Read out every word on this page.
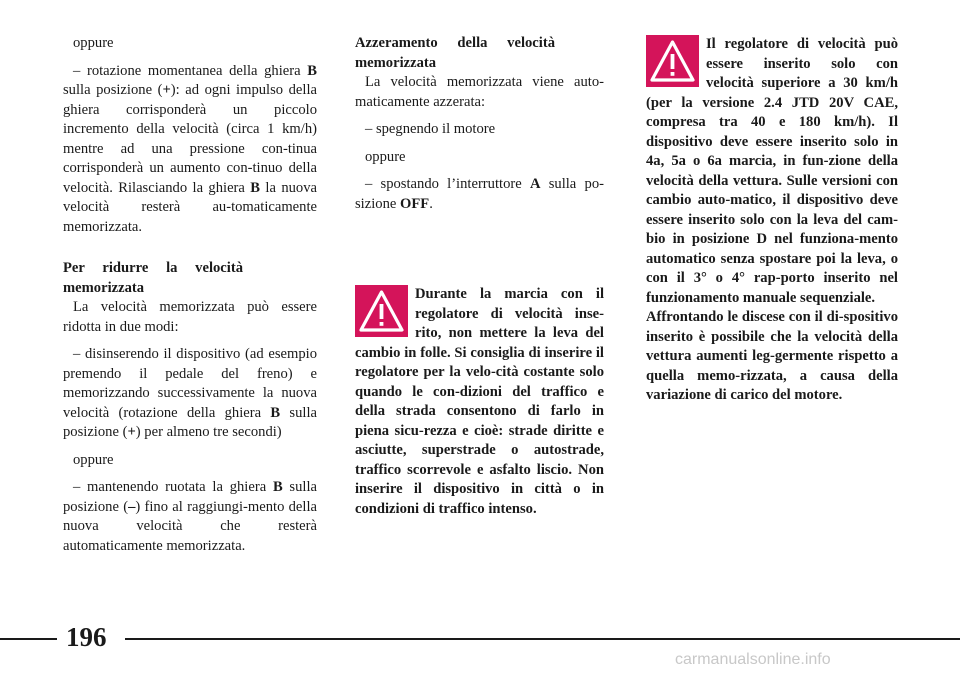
oppure

– rotazione momentanea della ghiera B sulla posizione (+): ad ogni impulso della ghiera corrisponderà un piccolo incremento della velocità (circa 1 km/h) mentre ad una pressione con-tinua corrisponderà un aumento con-tinuo della velocità. Rilasciando la ghiera B la nuova velocità resterà au-tomaticamente memorizzata.

Per ridurre la velocità memorizzata

La velocità memorizzata può essere ridotta in due modi:

– disinserendo il dispositivo (ad esempio premendo il pedale del freno) e memorizzando successivamente la nuova velocità (rotazione della ghiera B sulla posizione (+) per almeno tre secondi)

oppure

– mantenendo ruotata la ghiera B sulla posizione (–) fino al raggiungi-mento della nuova velocità che resterà automaticamente memorizzata.

Azzeramento della velocità memorizzata

La velocità memorizzata viene auto-maticamente azzerata:

– spegnendo il motore

oppure

– spostando l’interruttore A sulla po-sizione OFF.

Durante la marcia con il regolatore di velocità inse-rito, non mettere la leva del cambio in folle. Si consiglia di inserire il regolatore per la velo-cità costante solo quando le con-dizioni del traffico e della strada consentono di farlo in piena sicu-rezza e cioè: strade diritte e asciutte, superstrade o autostrade, traffico scorrevole e asfalto liscio. Non inserire il dispositivo in città o in condizioni di traffico intenso.
Il regolatore di velocità può essere inserito solo con velocità superiore a 30 km/h (per la versione 2.4 JTD 20V CAE, compresa tra 40 e 180 km/h). Il dispositivo deve essere inserito solo in 4a, 5a o 6a marcia, in fun-zione della velocità della vettura. Sulle versioni con cambio auto-matico, il dispositivo deve essere inserito solo con la leva del cam-bio in posizione D nel funziona-mento automatico senza spostare poi la leva, o con il 3° o 4° rap-porto inserito nel funzionamento manuale sequenziale.
Affrontando le discese con il di-spositivo inserito è possibile che la velocità della vettura aumenti leg-germente rispetto a quella memo-rizzata, a causa della variazione di carico del motore.
196
carmanualsonline.info
